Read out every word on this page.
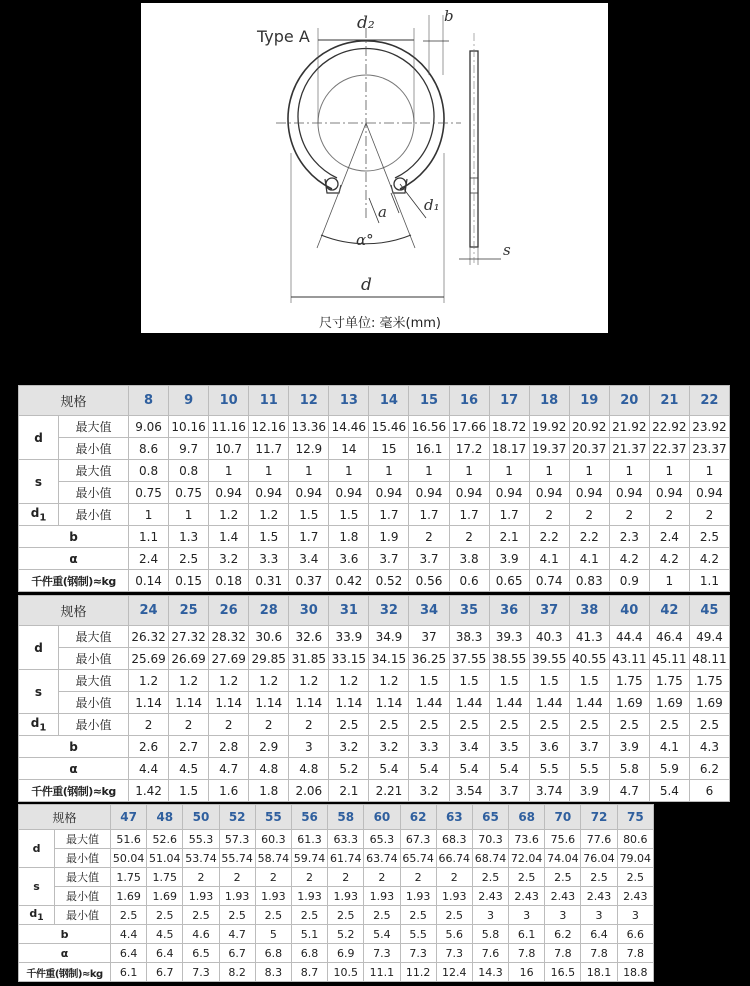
Type A
d₂	b
a d₁
α°
d
s
尺寸单位: 毫米(mm)
规格		8	9	10	11	12	13	14	15	16	17	18	19	20	21	22
d	最大值	9.06	10.16	11.16	12.16	13.36	14.46	15.46	16.56	17.66	18.72	19.92	20.92	21.92	22.92	23.92
	最小值	8.6	9.7	10.7	11.7	12.9	14	15	16.1	17.2	18.17	19.37	20.37	21.37	22.37	23.37
s	最大值	0.8	0.8	1	1	1	1	1	1	1	1	1	1	1	1	1
	最小值	0.75	0.75	0.94	0.94	0.94	0.94	0.94	0.94	0.94	0.94	0.94	0.94	0.94	0.94	0.94
$d_1$	最小值	1	1	1.2	1.2	1.5	1.5	1.7	1.7	1.7	1.7	2	2	2	2	2
b		1.1	1.3	1.4	1.5	1.7	1.8	1.9	2	2	2.1	2.2	2.2	2.3	2.4	2.5
α		2.4	2.5	3.2	3.3	3.4	3.6	3.7	3.7	3.8	3.9	4.1	4.1	4.2	4.2	4.2
千件重(钢制)≈kg		0.14	0.15	0.18	0.31	0.37	0.42	0.52	0.56	0.6	0.65	0.74	0.83	0.9	1	1.1
规格		24	25	26	28	30	31	32	34	35	36	37	38	40	42	45
d	最大值	26.32	27.32	28.32	30.6	32.6	33.9	34.9	37	38.3	39.3	40.3	41.3	44.4	46.4	49.4
	最小值	25.69	26.69	27.69	29.85	31.85	33.15	34.15	36.25	37.55	38.55	39.55	40.55	43.11	45.11	48.11
s	最大值	1.2	1.2	1.2	1.2	1.2	1.2	1.2	1.5	1.5	1.5	1.5	1.5	1.75	1.75	1.75
	最小值	1.14	1.14	1.14	1.14	1.14	1.14	1.14	1.44	1.44	1.44	1.44	1.44	1.69	1.69	1.69
$d_1$	最小值	2	2	2	2	2	2.5	2.5	2.5	2.5	2.5	2.5	2.5	2.5	2.5	2.5
b		2.6	2.7	2.8	2.9	3	3.2	3.2	3.3	3.4	3.5	3.6	3.7	3.9	4.1	4.3
α		4.4	4.5	4.7	4.8	4.8	5.2	5.4	5.4	5.4	5.4	5.5	5.5	5.8	5.9	6.2
千件重(钢制)≈kg		1.42	1.5	1.6	1.8	2.06	2.1	2.21	3.2	3.54	3.7	3.74	3.9	4.7	5.4	6
规格		47	48	50	52	55	56	58	60	62	63	65	68	70	72	75
d	最大值	51.6	52.6	55.3	57.3	60.3	61.3	63.3	65.3	67.3	68.3	70.3	73.6	75.6	77.6	80.6
	最小值	50.04	51.04	53.74	55.74	58.74	59.74	61.74	63.74	65.74	66.74	68.74	72.04	74.04	76.04	79.04
s	最大值	1.75	1.75	2	2	2	2	2	2	2	2	2.5	2.5	2.5	2.5	2.5
	最小值	1.69	1.69	1.93	1.93	1.93	1.93	1.93	1.93	1.93	1.93	2.43	2.43	2.43	2.43	2.43
$d_1$	最小值	2.5	2.5	2.5	2.5	2.5	2.5	2.5	2.5	2.5	2.5	3	3	3	3	3
b		4.4	4.5	4.6	4.7	5	5.1	5.2	5.4	5.5	5.6	5.8	6.1	6.2	6.4	6.6
α		6.4	6.4	6.5	6.7	6.8	6.8	6.9	7.3	7.3	7.3	7.6	7.8	7.8	7.8	7.8
千件重(钢制)≈kg		6.1	6.7	7.3	8.2	8.3	8.7	10.5	11.1	11.2	12.4	14.3	16	16.5	18.1	18.8
